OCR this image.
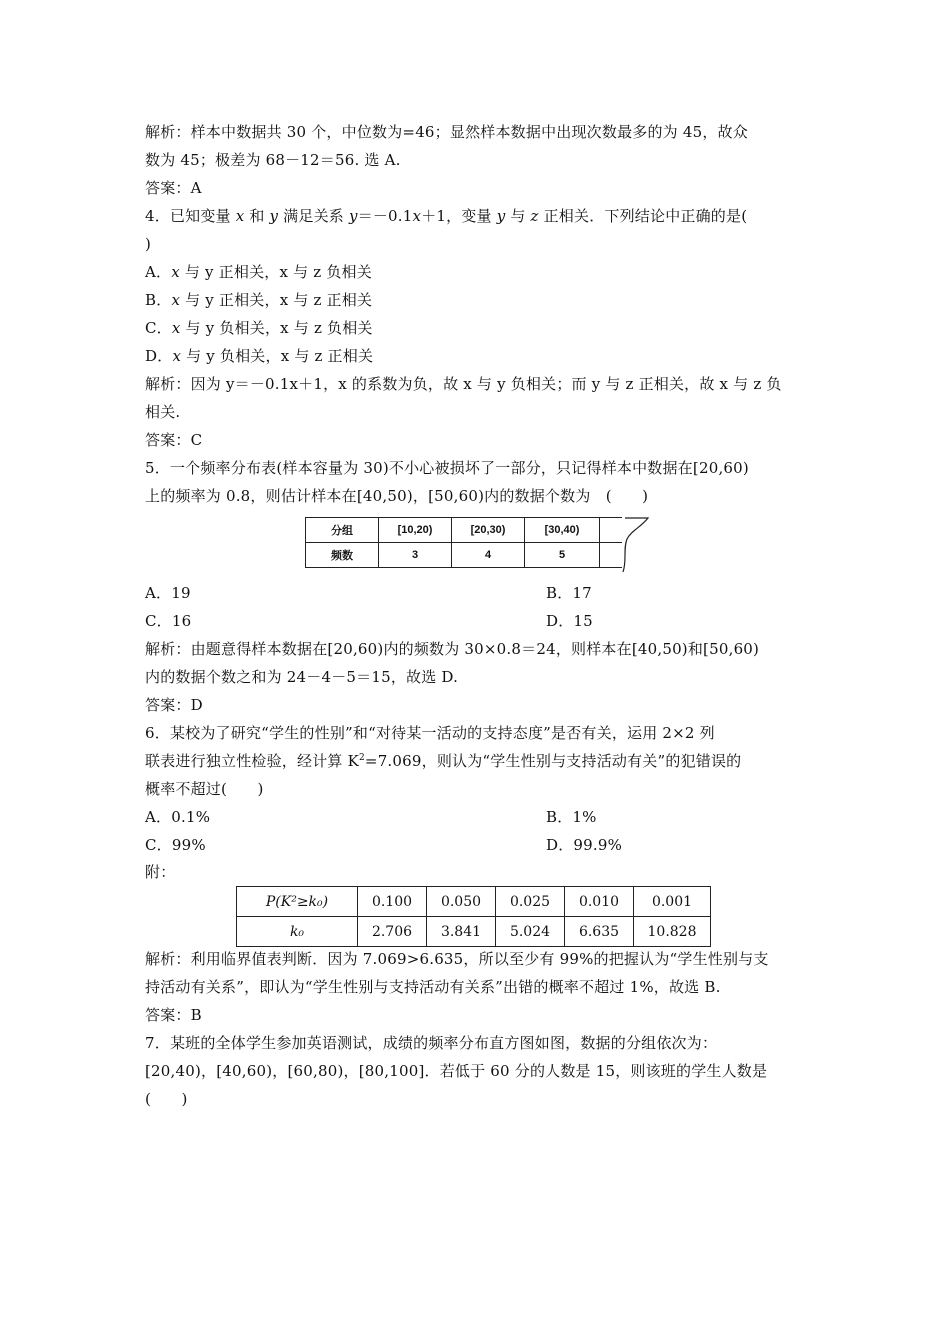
解析：样本中数据共 30 个，中位数为=46；显然样本数据中出现次数最多的为 45，故众
数为 45；极差为 68－12＝56. 选 A.
答案：A
4．已知变量 x 和 y 满足关系 y＝－0.1x＋1，变量 y 与 z 正相关．下列结论中正确的是(
)
A．x 与 y 正相关，x 与 z 负相关
B．x 与 y 正相关，x 与 z 正相关
C．x 与 y 负相关，x 与 z 负相关
D．x 与 y 负相关，x 与 z 正相关
解析：因为 y＝－0.1x＋1，x 的系数为负，故 x 与 y 负相关；而 y 与 z 正相关，故 x 与 z 负
相关.
答案：C
5．一个频率分布表(样本容量为 30)不小心被损坏了一部分，只记得样本中数据在[20,60)
上的频率为 0.8，则估计样本在[40,50)，[50,60)内的数据个数为　(　　)
分组	[10,20)	[20,30)	[30,40)	
频数	3	4	5	
A．19	B．17
C．16	D．15
解析：由题意得样本数据在[20,60)内的频数为 30×0.8＝24，则样本在[40,50)和[50,60)
内的数据个数之和为 24－4－5＝15，故选 D.
答案：D
6．某校为了研究“学生的性别”和“对待某一活动的支持态度”是否有关，运用 2×2 列
联表进行独立性检验，经计算 $K^2=7.069$，则认为“学生性别与支持活动有关”的犯错误的
概率不超过(　　)
A．0.1%	B．1%
C．99%	D．99.9%
附：
P(K²≥k₀)	0.100	0.050	0.025	0.010	0.001
k₀	2.706	3.841	5.024	6.635	10.828
解析：利用临界值表判断．因为 7.069>6.635，所以至少有 99%的把握认为“学生性别与支
持活动有关系”，即认为“学生性别与支持活动有关系”出错的概率不超过 1%，故选 B.
答案：B
7．某班的全体学生参加英语测试，成绩的频率分布直方图如图，数据的分组依次为：
[20,40)，[40,60)，[60,80)，[80,100]．若低于 60 分的人数是 15，则该班的学生人数是
(　　)
